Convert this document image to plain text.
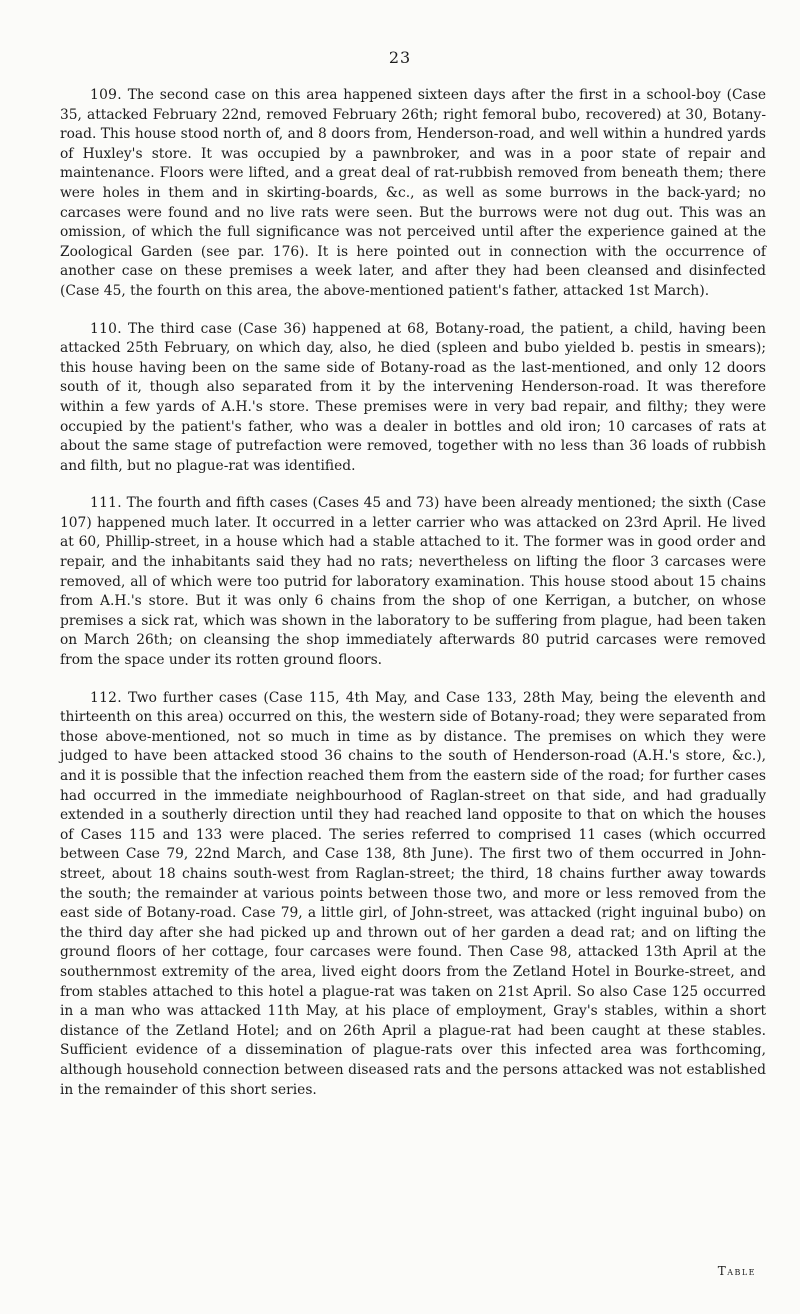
23

109. The second case on this area happened sixteen days after the first in a school-boy (Case 35, attacked February 22nd, removed February 26th; right femoral bubo, recovered) at 30, Botany-road. This house stood north of, and 8 doors from, Henderson-road, and well within a hundred yards of Huxley's store. It was occupied by a pawnbroker, and was in a poor state of repair and maintenance. Floors were lifted, and a great deal of rat-rubbish removed from beneath them; there were holes in them and in skirting-boards, &c., as well as some burrows in the back-yard; no carcases were found and no live rats were seen. But the burrows were not dug out. This was an omission, of which the full significance was not perceived until after the experience gained at the Zoological Garden (see par. 176). It is here pointed out in connection with the occurrence of another case on these premises a week later, and after they had been cleansed and disinfected (Case 45, the fourth on this area, the above-mentioned patient's father, attacked 1st March).

110. The third case (Case 36) happened at 68, Botany-road, the patient, a child, having been attacked 25th February, on which day, also, he died (spleen and bubo yielded b. pestis in smears); this house having been on the same side of Botany-road as the last-mentioned, and only 12 doors south of it, though also separated from it by the intervening Henderson-road. It was therefore within a few yards of A.H.'s store. These premises were in very bad repair, and filthy; they were occupied by the patient's father, who was a dealer in bottles and old iron; 10 carcases of rats at about the same stage of putrefaction were removed, together with no less than 36 loads of rubbish and filth, but no plague-rat was identified.

111. The fourth and fifth cases (Cases 45 and 73) have been already mentioned; the sixth (Case 107) happened much later. It occurred in a letter carrier who was attacked on 23rd April. He lived at 60, Phillip-street, in a house which had a stable attached to it. The former was in good order and repair, and the inhabitants said they had no rats; nevertheless on lifting the floor 3 carcases were removed, all of which were too putrid for laboratory examination. This house stood about 15 chains from A.H.'s store. But it was only 6 chains from the shop of one Kerrigan, a butcher, on whose premises a sick rat, which was shown in the laboratory to be suffering from plague, had been taken on March 26th; on cleansing the shop immediately afterwards 80 putrid carcases were removed from the space under its rotten ground floors.

112. Two further cases (Case 115, 4th May, and Case 133, 28th May, being the eleventh and thirteenth on this area) occurred on this, the western side of Botany-road; they were separated from those above-mentioned, not so much in time as by distance. The premises on which they were judged to have been attacked stood 36 chains to the south of Henderson-road (A.H.'s store, &c.), and it is possible that the infection reached them from the eastern side of the road; for further cases had occurred in the immediate neighbourhood of Raglan-street on that side, and had gradually extended in a southerly direction until they had reached land opposite to that on which the houses of Cases 115 and 133 were placed. The series referred to comprised 11 cases (which occurred between Case 79, 22nd March, and Case 138, 8th June). The first two of them occurred in John-street, about 18 chains south-west from Raglan-street; the third, 18 chains further away towards the south; the remainder at various points between those two, and more or less removed from the east side of Botany-road. Case 79, a little girl, of John-street, was attacked (right inguinal bubo) on the third day after she had picked up and thrown out of her garden a dead rat; and on lifting the ground floors of her cottage, four carcases were found. Then Case 98, attacked 13th April at the southernmost extremity of the area, lived eight doors from the Zetland Hotel in Bourke-street, and from stables attached to this hotel a plague-rat was taken on 21st April. So also Case 125 occurred in a man who was attacked 11th May, at his place of employment, Gray's stables, within a short distance of the Zetland Hotel; and on 26th April a plague-rat had been caught at these stables. Sufficient evidence of a dissemination of plague-rats over this infected area was forthcoming, although household connection between diseased rats and the persons attacked was not established in the remainder of this short series.

Table
